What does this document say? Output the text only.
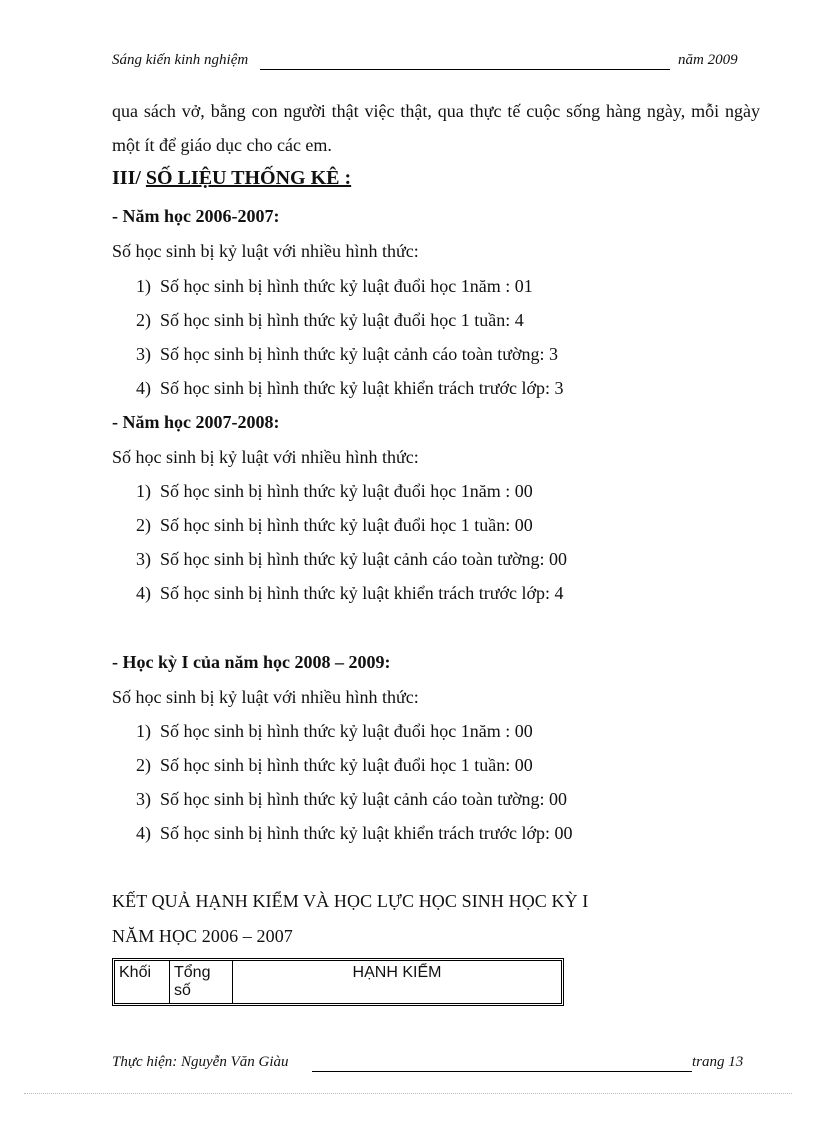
Sáng kiến kinh nghiệm	năm 2009
qua sách vở, bằng con người thật việc thật, qua thực tế cuộc sống hàng ngày, mỗi ngày một ít để giáo dục cho các em.
III/ SỐ LIỆU THỐNG KÊ :
- Năm học 2006-2007:
Số học sinh bị kỷ luật với nhiều hình thức:
1) Số học sinh bị hình thức kỷ luật đuổi học 1năm : 01
2) Số học sinh bị hình thức kỷ luật đuổi học 1 tuần: 4
3) Số học sinh bị hình thức kỷ luật cảnh cáo toàn tường: 3
4) Số học sinh bị hình thức kỷ luật khiển trách trước lớp: 3
- Năm học 2007-2008:
Số học sinh bị kỷ luật với nhiều hình thức:
1) Số học sinh bị hình thức kỷ luật đuổi học 1năm : 00
2) Số học sinh bị hình thức kỷ luật đuổi học 1 tuần: 00
3) Số học sinh bị hình thức kỷ luật cảnh cáo toàn tường: 00
4) Số học sinh bị hình thức kỷ luật khiển trách trước lớp: 4
- Học kỳ I của năm học 2008 – 2009:
Số học sinh bị kỷ luật với nhiều hình thức:
1) Số học sinh bị hình thức kỷ luật đuổi học 1năm : 00
2) Số học sinh bị hình thức kỷ luật đuổi học 1 tuần: 00
3) Số học sinh bị hình thức kỷ luật cảnh cáo toàn tường: 00
4) Số học sinh bị hình thức kỷ luật khiển trách trước lớp: 00
KẾT QUẢ HẠNH KIỂM VÀ HỌC LỰC HỌC SINH HỌC KỲ I
NĂM HỌC 2006 – 2007
Khối	Tổng số	HẠNH KIỂM
Thực hiện: Nguyễn Văn Giàu	trang 13
